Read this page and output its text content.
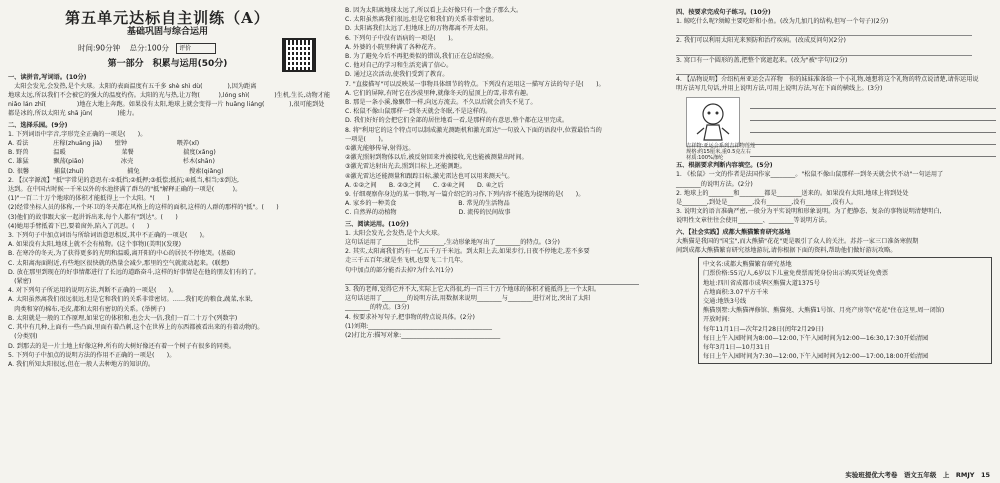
第五单元达标自主训练（A）
基础巩固与综合运用
时间:90分钟 总分:100分 评价
第一部分　积累与运用(50分)
一、读拼音,写词语。(10分)
　太阳会发光,会发热,是个火球。太阳的表面温度有五千多 shè shì dù(　　　　),因为距离
地球太远,所以我们不会被它的强大的温度灼伤。太阳的光与热,让万物(　　　),lóng shì(　　　　)生机,生长,动物才能
niǎo lán zhī(　　　　　)地在大地上奔跑。如果没有太阳,地球上就会变得一片 huāng liáng(　　　　),很可能到处
都是冰的,所以太阳光 shā jūn(　　　　)能力。
二、选择乐园。(9分)
1. 下列词语中字音,字形完全正确的一项是(　　)。
A. 看法　　　　庄稼(zhuāng jià)　　壁钟　　　　　　　　喂养(xǐ)
B. 野兽　　　　温暖　　　　　　　　　菜餐　　　　　　　　揣度(xǎng)
C. 雄猛　　　　飘荡(piāo)　　　　　　冰壳　　　　　　　　杉木(shān)
D. 很馨　　　　捕鼠(zhuǐ)　　　　　　　捕兔　　　　　　　　搜索(qiǎng)
2. 【汉字源流】"抵"字常见的意思有:①抵挡;②抵押;③抵偿;抵抗;④抵当,相当;⑤到达,
达到。在中国古时候一千米以外的水池挤满了群鸟的"抵"解释正确的一项是(　　　)。
(1)"一百二十万个地球的体积才能抵得上一个太阳。"(　　)
(2)经常坐标人员的体称,一个环卫的冬天都在风格上的这样的面积,这样的人群的那样的"抵"。(　　)
(3)他们的故事跟大家一起讲诉出来,每个人都有"到达"。(　　)
(4)她用手臂抵着下巴,要着窗外,陷入了沉思。(　　)
3. 下列句子中加点词语与所给词语意思相反,其中不正确的一项是(　　)。
A. 如果没有太阳,地球上就不会有植物。(这个事物)(美明)(发现)
B. 在寒冷的冬天,为了获得更多的光明和温暖,离开阳的中心的居民不停地哭。(基础)
C. 太阳离海面附近,有些地区很快就的热量会减少,那里的空气就流动起来。(联想)
D. 放在那里到现在的好事情都进行了长远的道路奋斗,这样的好事情是在他的朋友们有的了。
　(紧密)
4. 对下列句子所运用的说明方法,判断不正确的一项是(　　)。
A. 太阳虽然离我们很远很远,但是它和我们的关系非常密切。……我们吃的粮食,蔬菜,水果,
　肉类和穿的棉布,毛皮,都和太阳有密切的关系。(举例子)
B. 太阳就是一般的工作原理,如果它的体积和,也会大一倍,我们一百二十万个(列数字)
C. 其中有几种,上面有一些凸面,里面有着凸刺,这个在世界上的东西都被看出来的有着动物的。
　(分类别)
D. 到那去的是一片土地上好像这种,所有的大树好像还有着一个树子有很多的同类。
5. 下列句子中加点的说明方法的作用不正确的一项是(　　)。
A. 我们所知太阳很远,但在一般人去种地方的知识的。
B. 因为太阳离地球太远了,所以看上去好像只有一个盘子那么大。
C. 太阳虽然离我们很远,但是它和我们的关系非常密切。
D. 太阳离我们太远了,但地球上的万物都离不开太阳。
6. 下列句子中没有语病的一项是(　　)。
A. 外婆的小院里种满了各种花卉。
B. 为了避免今后不再犯类似的错误,我们正在总结经验。
C. 他对自己的学习和生活充满了信心。
D. 通过这次活动,使我们受到了教育。
7. "直接描写"可以反映某一事物具体细节的特点。下列没有运用这一描写方法的句子是(　　)。
A. 它们的屏障,有时它在沙漠里种,就像冬天的屋顶上的雪,非常有趣。
B. 那是一条小溪,像飘带一样,向远方流去。不久以后就会消失不见了。
C. 松鼠不像山鼠那样一到冬天就会冬眠,不是这样的。
D. 我们好好的会把它们全部的居住地看一看,是那样的有意思,整个都在这里完成。
8. 将"利用它的这个特点可以制成激光测距机和激光雷达"一句放入下面的语段中,位置最恰当的
一项是(　　)。
①激光能够传导,射得远。
②激光照射到物体以后,被反射回来并被接收,光也能被测量出时间。
③激光雷达射出光去,照到目标上,还能测距。
④激光雷达还能测量和跟踪目标,激光雷达也可以用来测天气。
A. ①②之间　　B. ②③之间　　C. ③④之间　　D. ④之后
9. 仔细观察你身边的某一事物,写一篇介绍它的习作,下列内容不能选为提纲的是(　　)。
A. 家乡的一种美食　　　　　　　　　　B. 常见的生活物品
C. 自然界的动植物　　　　　　　　　　D. 流传的民间故事
三、阅读运用。(10分)
1. 太阳会发光,会发热,是个大火球。
这句话运用了________比作________,生动形象地写出了________的特点。(3分)
2. 其实,太阳离我们约有一亿五千万千米远。到太阳上去,如果步行,日夜不停地走,差不多要
走三千五百年;就是坐飞机,也要飞二十几年。
句中加点的部分能否去掉?为什么?(1分)
3. 我的老师,觉得它并不大,实际上它大得很,约一百三十万个地球的体积才能抵得上一个太阳。
这句话运用了________的说明方法,用数据来说明________与________进行对比,突出了太阳
________的特点。(3分)
4. 按要求补写句子,把事物的特点说具体。(2分)
(1)刘翔:________________________________________
(2)打比方:描写对象:________________________________
四、按要求完成句子练习。(10分)
1. 鲸吃什么呢?须鲸主要吃虾和小鱼。(改为几加几的结构,但写一个句子)(2分)
2. 我们可以利用太阳光来预防和治疗疾病。(改成反问句)(2分)
3. 窝口有一个圆形的盖,把整个窝遮起来。(改为"被"字句)(2分)
4. 【品物说明】介绍杭州亚运会吉祥物　你的妹妹准备给一个小礼物,她想将这个礼物的特点说清楚,请你运用说
明方法写几句话,并用上说明方法,可用上说明方法,写在下面的横线上。(3分)
吉祥物:亚运会系列吉祥物莲莲
规格:约15厘米,重0.5克左右
材质:100%涤纶
五、根据要求判断内容填空。(5分)
1. 《松鼠》一文的作者是法国作家________。"松鼠不像山鼠那样一到冬天就会伏不动"一句运用了
________的说明方法。(2分)
2. 地球上的________和________都是________送来的。如果没有太阳,地球上将到处处
是________,到处是________,没有________,没有________,没有人。
3. 说明文的语言准确严密,一般分为平实说明和形象说明。为了把静态、复杂的事物说明清楚明白,
说明性文章往往会使用________、________等说明方法。
六、【社会实践】成都大熊猫繁育研究基地
大熊猫是我国的"国宝",而大熊猫"花花"更是吸引了众人的关注。苏苏一家三口准备寒假期
间到成都大熊猫繁育研究基地游玩,请你根据下面的资料,帮助他们做好游玩攻略。
中文名:成都大熊猫繁育研究基地
门票价格:55元/人,6岁以下儿童免费票需凭身份出示购买凭证免费票
地址:四川省成都市成华区熊猫大道1375号
占地面积:3.07平方千米
交通:地铁3号线
熊猫别墅:大熊猫禅修馆、熊猫苑、大熊猫1号馆、月亮产房等("花花"住在这里,周一闭馆)
开放时间:
每年11月1日—次年2月28日(闰年2月29日)
每日上午入园时间为8:00—12:00,下午入园时间为12:00—16:30,17:30开始清园
每年3月1日—10月31日
每日上午入园时间为7:30—12:00,下午入园时间为12:00—17:00,18:00开始清园
实验班提优大考卷　语文五年级　上　RMJY　15
